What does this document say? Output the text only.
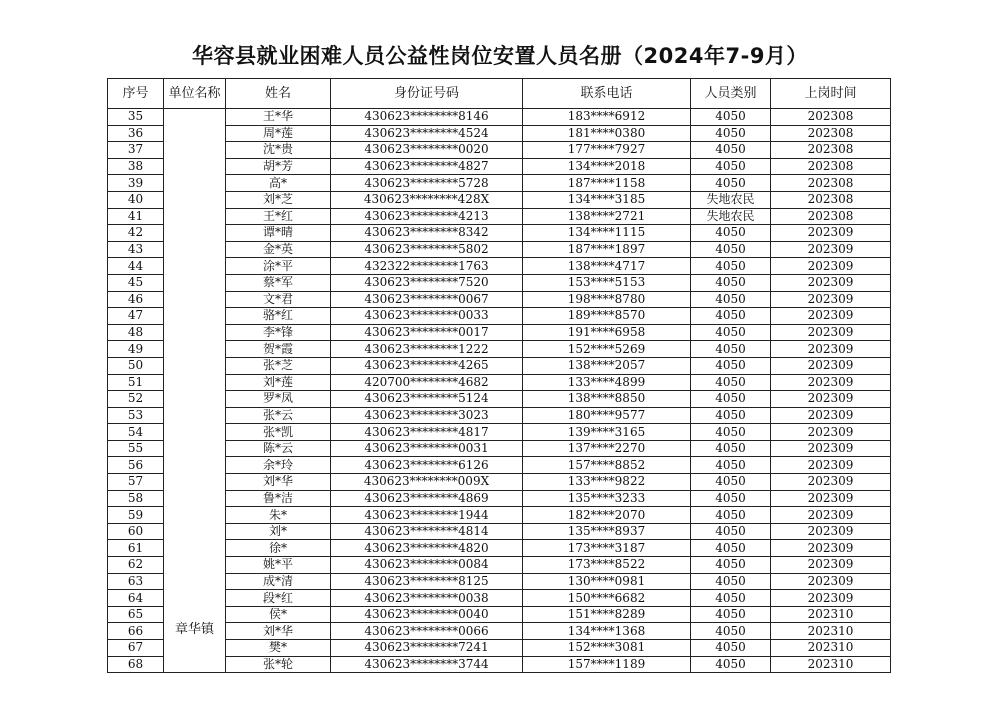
华容县就业困难人员公益性岗位安置人员名册（2024年7-9月）
序号	单位名称	姓名	身份证号码	联系电话	人员类别	上岗时间
35	章华镇	王*华	430623********8146	183****6912	4050	202308
36		周*莲	430623********4524	181****0380	4050	202308
37		沈*贵	430623********0020	177****7927	4050	202308
38		胡*芳	430623********4827	134****2018	4050	202308
39		高*	430623********5728	187****1158	4050	202308
40		刘*芝	430623********428X	134****3185	失地农民	202308
41		王*红	430623********4213	138****2721	失地农民	202308
42		谭*晴	430623********8342	134****1115	4050	202309
43		金*英	430623********5802	187****1897	4050	202309
44		涂*平	432322********1763	138****4717	4050	202309
45		蔡*军	430623********7520	153****5153	4050	202309
46		文*君	430623********0067	198****8780	4050	202309
47		骆*红	430623********0033	189****8570	4050	202309
48		李*锋	430623********0017	191****6958	4050	202309
49		贺*霞	430623********1222	152****5269	4050	202309
50		张*芝	430623********4265	138****2057	4050	202309
51		刘*莲	420700********4682	133****4899	4050	202309
52		罗*凤	430623********5124	138****8850	4050	202309
53		张*云	430623********3023	180****9577	4050	202309
54		张*凯	430623********4817	139****3165	4050	202309
55		陈*云	430623********0031	137****2270	4050	202309
56		余*玲	430623********6126	157****8852	4050	202309
57		刘*华	430623********009X	133****9822	4050	202309
58		鲁*洁	430623********4869	135****3233	4050	202309
59		朱*	430623********1944	182****2070	4050	202309
60		刘*	430623********4814	135****8937	4050	202309
61		徐*	430623********4820	173****3187	4050	202309
62		姚*平	430623********0084	173****8522	4050	202309
63		成*清	430623********8125	130****0981	4050	202309
64		段*红	430623********0038	150****6682	4050	202309
65		侯*	430623********0040	151****8289	4050	202310
66		刘*华	430623********0066	134****1368	4050	202310
67		樊*	430623********7241	152****3081	4050	202310
68		张*轮	430623********3744	157****1189	4050	202310
